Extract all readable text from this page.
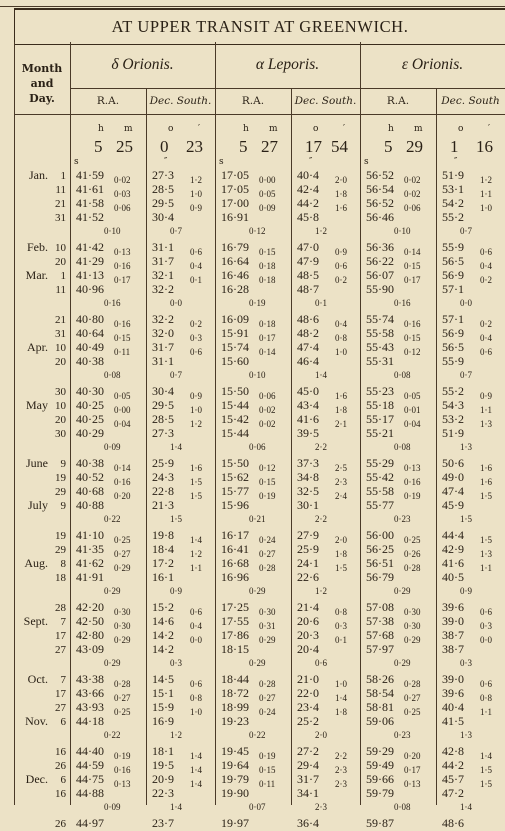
AT UPPER TRANSIT AT GREENWICH.
Month
and
Day.
δ Orionis.
R.A.	Dec. South.
h m	o	′
5 25 0 23
s	″
α Leporis.
R.A.	Dec. South.
h m	o	′
5 27 17 54
s	″
ε Orionis.
R.A.	Dec. South
h m	o	′
5 29 1 16
s	″
Jan. 1 41·59	27·3	17·05	40·4	56·52	51·9
0·02	1·2	0·00	2·0	0·02	1·2
11 41·61	28·5	17·05	42·4	56·54	53·1
0·03	1·0	0·05	1·8	0·02	1·1
21 41·58	29·5	17·00	44·2	56·52	54·2
0·06	0·9	0·09	1·6	0·06	1·0
31 41·52	30·4	16·91	45·8	56·46	55·2
0·10	0·7	0·12	1·2	0·10	0·7
Feb. 10 41·42	31·1	16·79	47·0	56·36	55·9
0·13	0·6	0·15	0·9	0·14	0·6
20 41·29	31·7	16·64	47·9	56·22	56·5
0·16	0·4	0·18	0·6	0·15	0·4
Mar. 1 41·13	32·1	16·46	48·5	56·07	56·9
0·17	0·1	0·18	0·2	0·17	0·2
11 40·96	32·2	16·28	48·7	55·90	57·1
0·16	0·0	0·19	0·1	0·16	0·0
21 40·80	32·2	16·09	48·6	55·74	57·1
0·16	0·2	0·18	0·4	0·16	0·2
31 40·64	32·0	15·91	48·2	55·58	56·9
0·15	0·3	0·17	0·8	0·15	0·4
Apr. 10 40·49	31·7	15·74	47·4	55·43	56·5
0·11	0·6	0·14	1·0	0·12	0·6
20 40·38	31·1	15·60	46·4	55·31	55·9
0·08	0·7	0·10	1·4	0·08	0·7
30 40·30	30·4	15·50	45·0	55·23	55·2
0·05	0·9	0·06	1·6	0·05	0·9
May 10 40·25	29·5	15·44	43·4	55·18	54·3
0·00	1·0	0·02	1·8	0·01	1·1
20 40·25	28·5	15·42	41·6	55·17	53·2
0·04	1·2	0·02	2·1	0·04	1·3
30 40·29	27·3	15·44	39·5	55·21	51·9
0·09	1·4	0·06	2·2	0·08	1·3
June 9 40·38	25·9	15·50	37·3	55·29	50·6
0·14	1·6	0·12	2·5	0·13	1·6
19 40·52	24·3	15·62	34·8	55·42	49·0
0·16	1·5	0·15	2·3	0·16	1·6
29 40·68	22·8	15·77	32·5	55·58	47·4
0·20	1·5	0·19	2·4	0·19	1·5
July 9 40·88	21·3	15·96	30·1	55·77	45·9
0·22	1·5	0·21	2·2	0·23	1·5
19 41·10	19·8	16·17	27·9	56·00	44·4
0·25	1·4	0·24	2·0	0·25	1·5
29 41·35	18·4	16·41	25·9	56·25	42·9
0·27	1·2	0·27	1·8	0·26	1·3
Aug. 8 41·62	17·2	16·68	24·1	56·51	41·6
0·29	1·1	0·28	1·5	0·28	1·1
18 41·91	16·1	16·96	22·6	56·79	40·5
0·29	0·9	0·29	1·2	0·29	0·9
28 42·20	15·2	17·25	21·4	57·08	39·6
0·30	0·6	0·30	0·8	0·30	0·6
Sept. 7 42·50	14·6	17·55	20·6	57·38	39·0
0·30	0·4	0·31	0·3	0·30	0·3
17 42·80	14·2	17·86	20·3	57·68	38·7
0·29	0·0	0·29	0·1	0·29	0·0
27 43·09	14·2	18·15	20·4	57·97	38·7
0·29	0·3	0·29	0·6	0·29	0·3
Oct. 7 43·38	14·5	18·44	21·0	58·26	39·0
0·28	0·6	0·28	1·0	0·28	0·6
17 43·66	15·1	18·72	22·0	58·54	39·6
0·27	0·8	0·27	1·4	0·27	0·8
27 43·93	15·9	18·99	23·4	58·81	40·4
0·25	1·0	0·24	1·8	0·25	1·1
Nov. 6 44·18	16·9	19·23	25·2	59·06	41·5
0·22	1·2	0·22	2·0	0·23	1·3
16 44·40	18·1	19·45	27·2	59·29	42·8
0·19	1·4	0·19	2·2	0·20	1·4
26 44·59	19·5	19·64	29·4	59·49	44·2
0·16	1·4	0·15	2·3	0·17	1·5
Dec. 6 44·75	20·9	19·79	31·7	59·66	45·7
0·13	1·4	0·11	2·3	0·13	1·5
16 44·88	22·3	19·90	34·1	59·79	47·2
0·09	1·4	0·07	2·3	0·08	1·4
26 44·97	23·7	19·97	36·4	59·87	48·6
